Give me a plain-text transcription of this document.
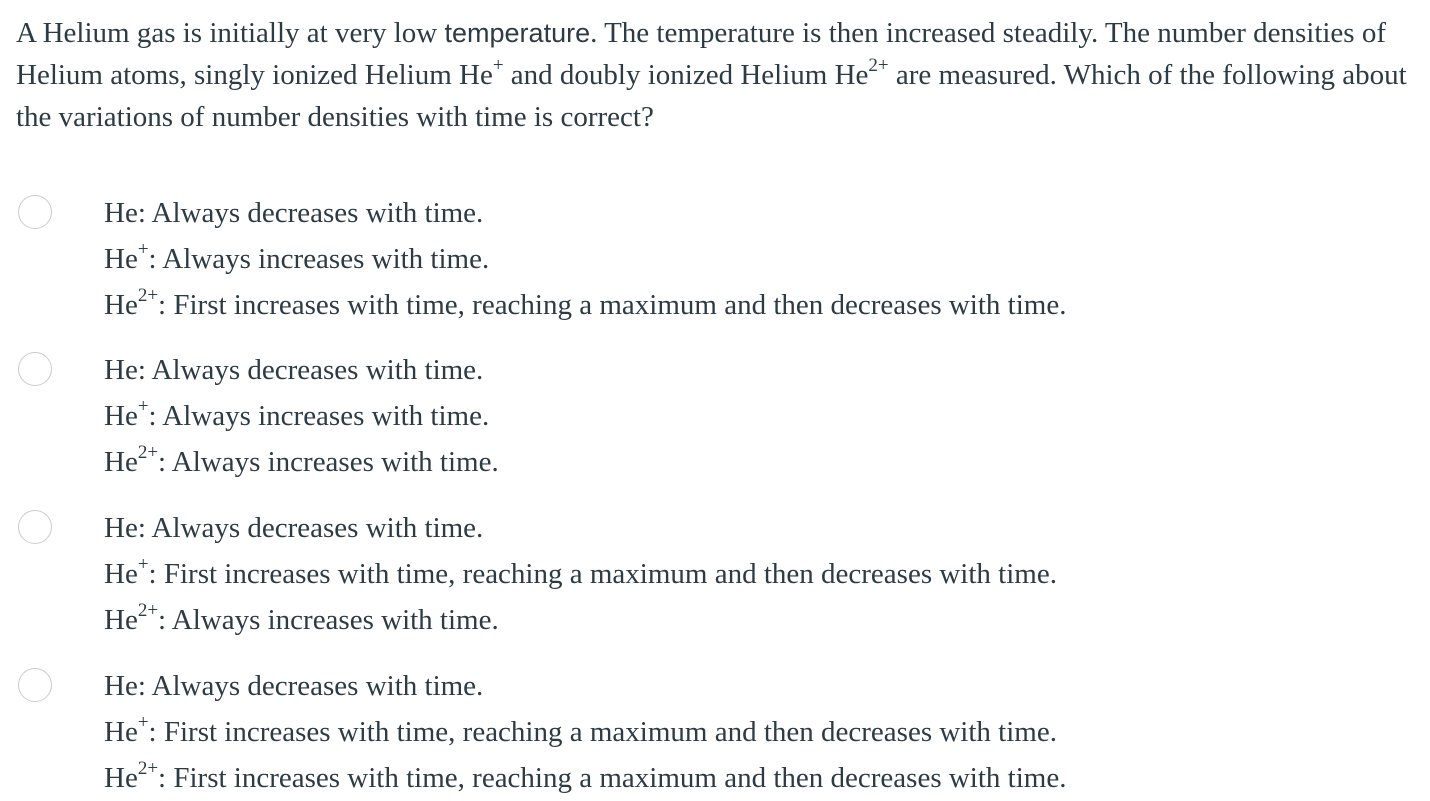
A Helium gas is initially at very low temperature. The temperature is then increased steadily. The number densities of Helium atoms, singly ionized Helium He+ and doubly ionized Helium $He^{2+}$ are measured. Which of the following about the variations of number densities with time is correct?

He: Always decreases with time.
He+: Always increases with time.
$He^{2+}$: First increases with time, reaching a maximum and then decreases with time.
He: Always decreases with time.
He+: Always increases with time.
$He^{2+}$: Always increases with time.
He: Always decreases with time.
He+: First increases with time, reaching a maximum and then decreases with time.
$He^{2+}$: Always increases with time.
He: Always decreases with time.
He+: First increases with time, reaching a maximum and then decreases with time.
$He^{2+}$: First increases with time, reaching a maximum and then decreases with time.
